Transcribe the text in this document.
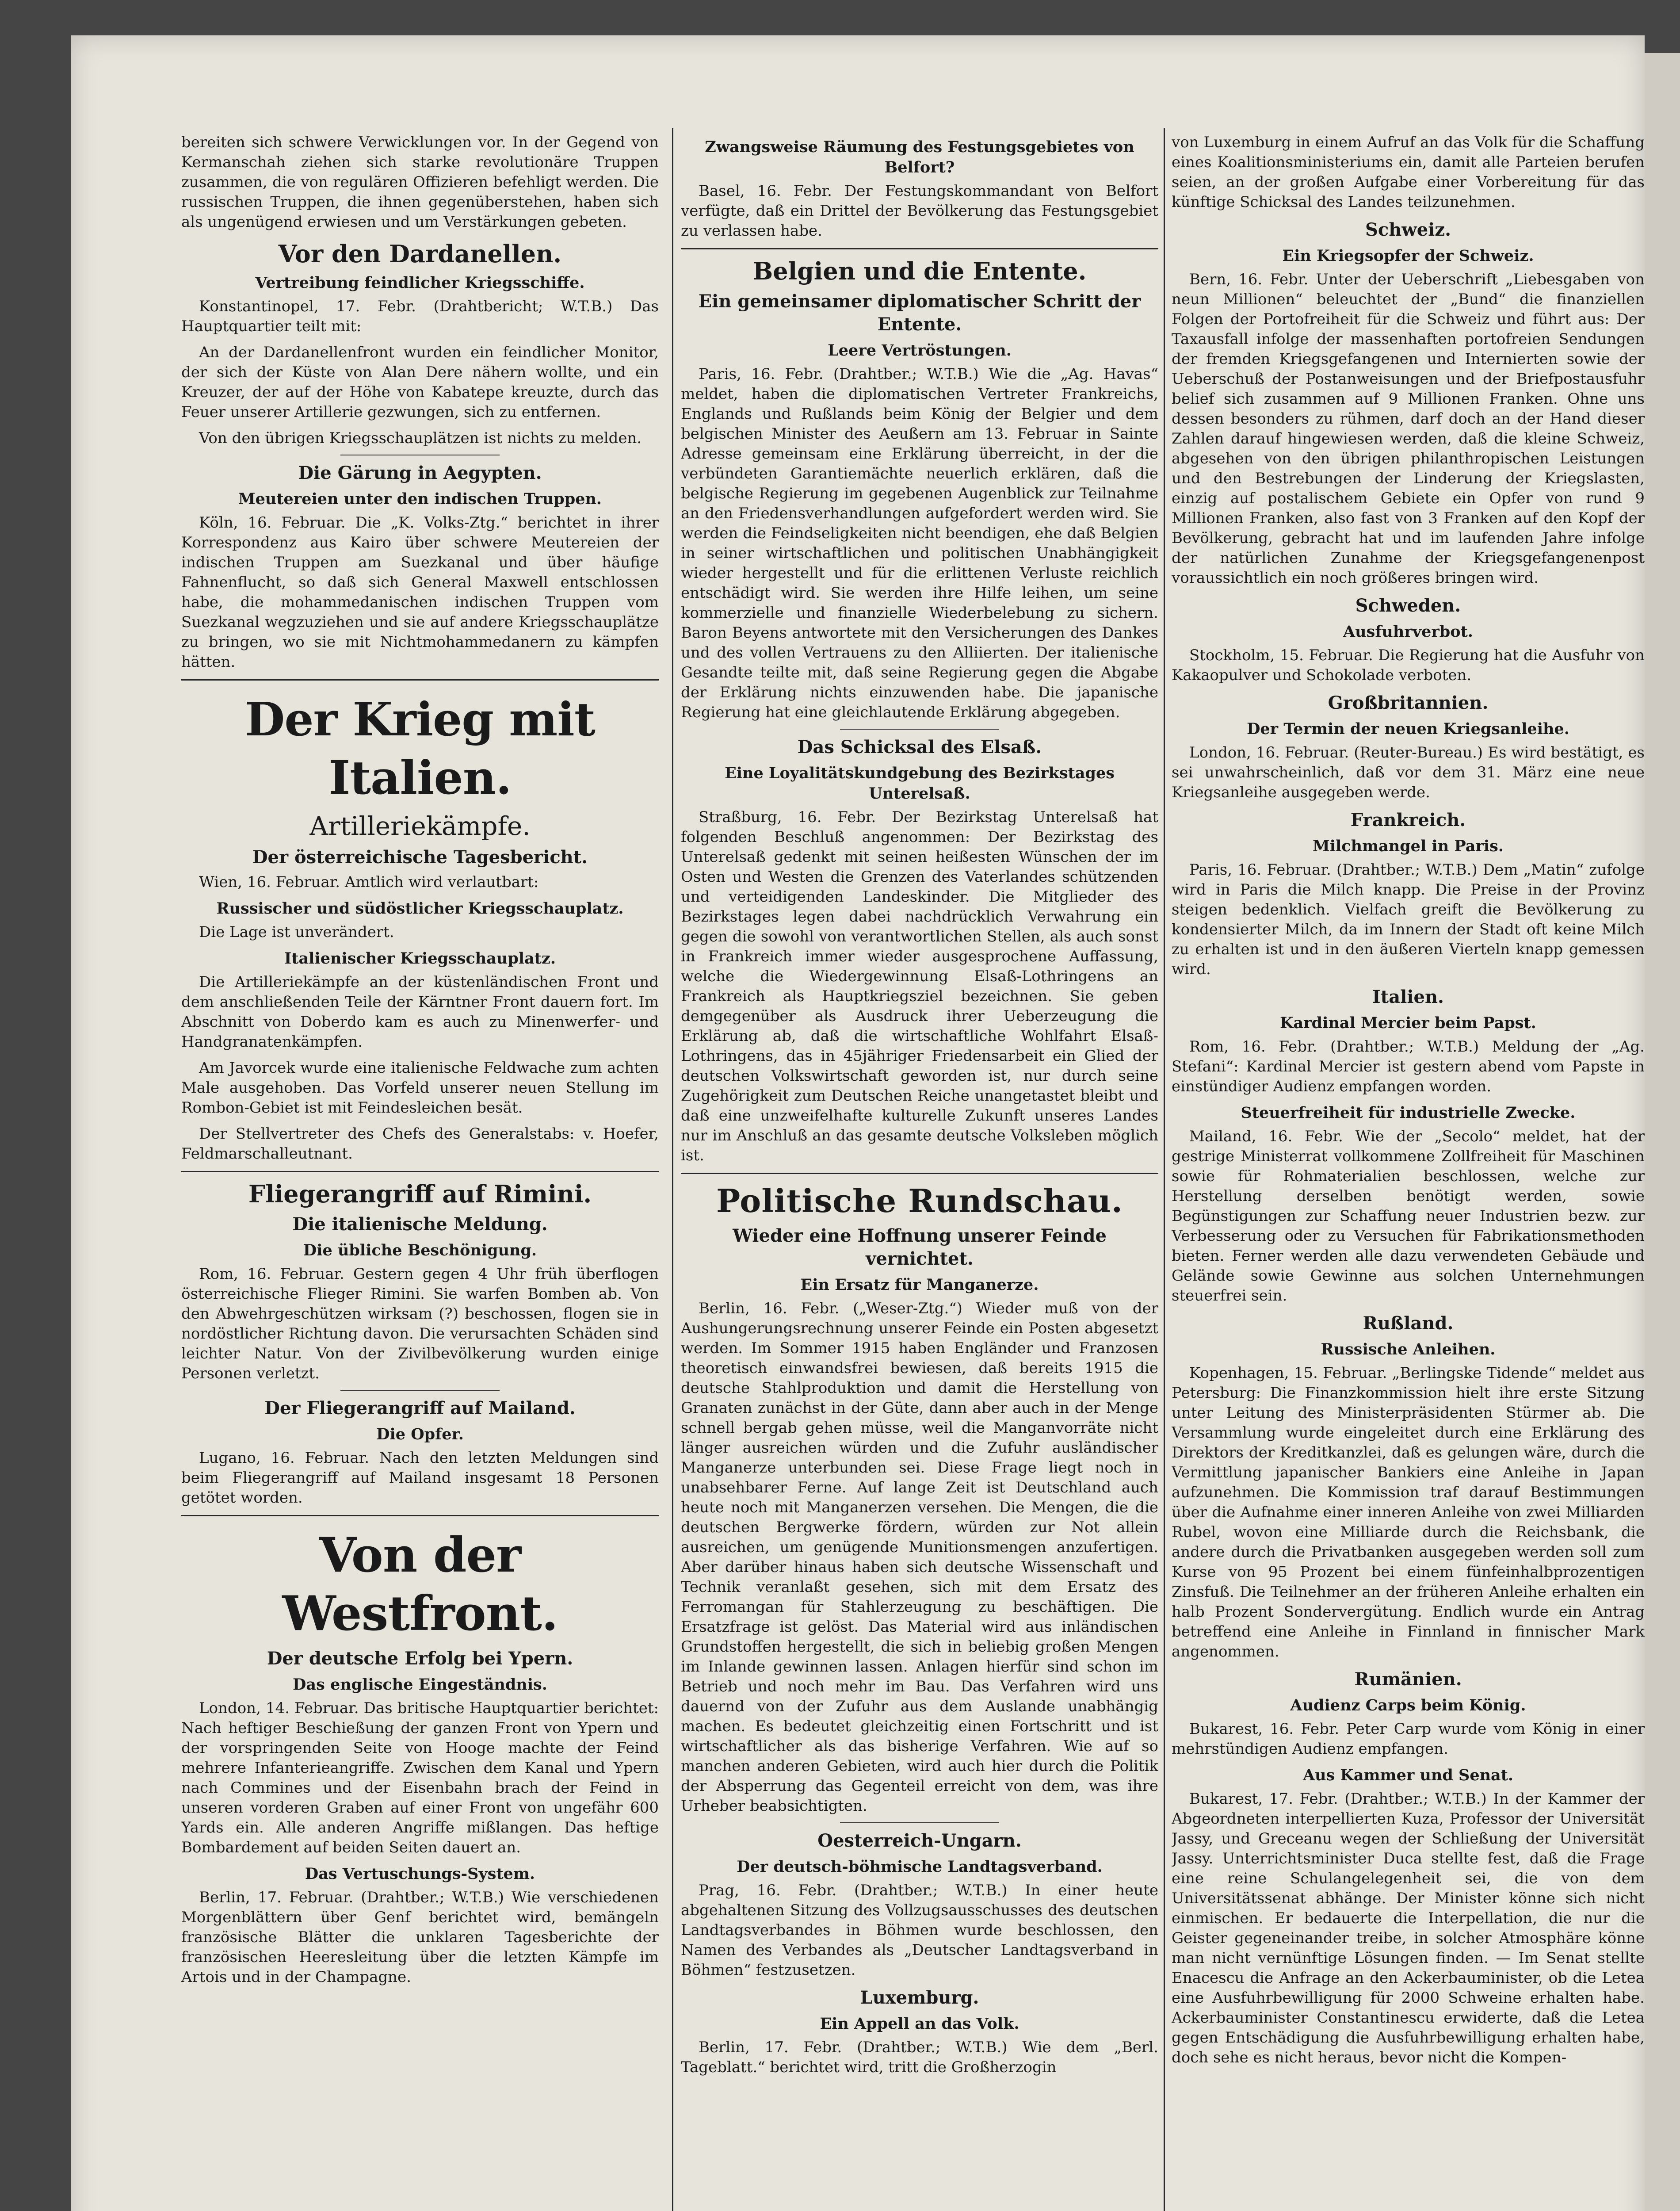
bereiten sich schwere Verwicklungen vor. In der Gegend von Kermanschah ziehen sich starke revolutionäre Truppen zusammen, die von regulären Offizieren befehligt werden. Die russischen Truppen, die ihnen gegenüberstehen, haben sich als ungenügend erwiesen und um Verstärkungen gebeten.

Vor den Dardanellen.
Vertreibung feindlicher Kriegsschiffe.

Konstantinopel, 17. Febr. (Drahtbericht; W.T.B.) Das Hauptquartier teilt mit:

An der Dardanellenfront wurden ein feindlicher Monitor, der sich der Küste von Alan Dere nähern wollte, und ein Kreuzer, der auf der Höhe von Kabatepe kreuzte, durch das Feuer unserer Artillerie gezwungen, sich zu entfernen.

Von den übrigen Kriegsschauplätzen ist nichts zu melden.

Die Gärung in Aegypten.
Meutereien unter den indischen Truppen.

Köln, 16. Februar. Die „K. Volks-Ztg.“ berichtet in ihrer Korrespondenz aus Kairo über schwere Meutereien der indischen Truppen am Suezkanal und über häufige Fahnenflucht, so daß sich General Maxwell entschlossen habe, die mohammedanischen indischen Truppen vom Suezkanal wegzuziehen und sie auf andere Kriegsschauplätze zu bringen, wo sie mit Nichtmohammedanern zu kämpfen hätten.

Der Krieg mit Italien.
Artilleriekämpfe.
Der österreichische Tagesbericht.

Wien, 16. Februar. Amtlich wird verlautbart:

Russischer und südöstlicher Kriegsschauplatz.

Die Lage ist unverändert.

Italienischer Kriegsschauplatz.

Die Artilleriekämpfe an der küstenländischen Front und dem anschließenden Teile der Kärntner Front dauern fort. Im Abschnitt von Doberdo kam es auch zu Minenwerfer- und Handgranatenkämpfen.

Am Javorcek wurde eine italienische Feldwache zum achten Male ausgehoben. Das Vorfeld unserer neuen Stellung im Rombon-Gebiet ist mit Feindesleichen besät.

Der Stellvertreter des Chefs des Generalstabs: v. Hoefer, Feldmarschalleutnant.

Fliegerangriff auf Rimini.
Die italienische Meldung.
Die übliche Beschönigung.

Rom, 16. Februar. Gestern gegen 4 Uhr früh überflogen österreichische Flieger Rimini. Sie warfen Bomben ab. Von den Abwehrgeschützen wirksam (?) beschossen, flogen sie in nordöstlicher Richtung davon. Die verursachten Schäden sind leichter Natur. Von der Zivilbevölkerung wurden einige Personen verletzt.

Der Fliegerangriff auf Mailand.
Die Opfer.

Lugano, 16. Februar. Nach den letzten Meldungen sind beim Fliegerangriff auf Mailand insgesamt 18 Personen getötet worden.

Von der Westfront.
Der deutsche Erfolg bei Ypern.
Das englische Eingeständnis.

London, 14. Februar. Das britische Hauptquartier berichtet: Nach heftiger Beschießung der ganzen Front von Ypern und der vorspringenden Seite von Hooge machte der Feind mehrere Infanterieangriffe. Zwischen dem Kanal und Ypern nach Commines und der Eisenbahn brach der Feind in unseren vorderen Graben auf einer Front von ungefähr 600 Yards ein. Alle anderen Angriffe mißlangen. Das heftige Bombardement auf beiden Seiten dauert an.

Das Vertuschungs-System.

Berlin, 17. Februar. (Drahtber.; W.T.B.) Wie verschiedenen Morgenblättern über Genf berichtet wird, bemängeln französische Blätter die unklaren Tagesberichte der französischen Heeresleitung über die letzten Kämpfe im Artois und in der Champagne.

Zwangsweise Räumung des Festungsgebietes von Belfort?

Basel, 16. Febr. Der Festungskommandant von Belfort verfügte, daß ein Drittel der Bevölkerung das Festungsgebiet zu verlassen habe.

Belgien und die Entente.
Ein gemeinsamer diplomatischer Schritt der Entente.
Leere Vertröstungen.

Paris, 16. Febr. (Drahtber.; W.T.B.) Wie die „Ag. Havas“ meldet, haben die diplomatischen Vertreter Frankreichs, Englands und Rußlands beim König der Belgier und dem belgischen Minister des Aeußern am 13. Februar in Sainte Adresse gemeinsam eine Erklärung überreicht, in der die verbündeten Garantiemächte neuerlich erklären, daß die belgische Regierung im gegebenen Augenblick zur Teilnahme an den Friedensverhandlungen aufgefordert werden wird. Sie werden die Feindseligkeiten nicht beendigen, ehe daß Belgien in seiner wirtschaftlichen und politischen Unabhängigkeit wieder hergestellt und für die erlittenen Verluste reichlich entschädigt wird. Sie werden ihre Hilfe leihen, um seine kommerzielle und finanzielle Wiederbelebung zu sichern. Baron Beyens antwortete mit den Versicherungen des Dankes und des vollen Vertrauens zu den Alliierten. Der italienische Gesandte teilte mit, daß seine Regierung gegen die Abgabe der Erklärung nichts einzuwenden habe. Die japanische Regierung hat eine gleichlautende Erklärung abgegeben.

Das Schicksal des Elsaß.
Eine Loyalitätskundgebung des Bezirkstages Unterelsaß.

Straßburg, 16. Febr. Der Bezirkstag Unterelsaß hat folgenden Beschluß angenommen: Der Bezirkstag des Unterelsaß gedenkt mit seinen heißesten Wünschen der im Osten und Westen die Grenzen des Vaterlandes schützenden und verteidigenden Landeskinder. Die Mitglieder des Bezirkstages legen dabei nachdrücklich Verwahrung ein gegen die sowohl von verantwortlichen Stellen, als auch sonst in Frankreich immer wieder ausgesprochene Auffassung, welche die Wiedergewinnung Elsaß-Lothringens an Frankreich als Hauptkriegsziel bezeichnen. Sie geben demgegenüber als Ausdruck ihrer Ueberzeugung die Erklärung ab, daß die wirtschaftliche Wohlfahrt Elsaß-Lothringens, das in 45jähriger Friedensarbeit ein Glied der deutschen Volkswirtschaft geworden ist, nur durch seine Zugehörigkeit zum Deutschen Reiche unangetastet bleibt und daß eine unzweifelhafte kulturelle Zukunft unseres Landes nur im Anschluß an das gesamte deutsche Volksleben möglich ist.

Politische Rundschau.
Wieder eine Hoffnung unserer Feinde vernichtet.
Ein Ersatz für Manganerze.

Berlin, 16. Febr. („Weser-Ztg.“) Wieder muß von der Aushungerungsrechnung unserer Feinde ein Posten abgesetzt werden. Im Sommer 1915 haben Engländer und Franzosen theoretisch einwandsfrei bewiesen, daß bereits 1915 die deutsche Stahlproduktion und damit die Herstellung von Granaten zunächst in der Güte, dann aber auch in der Menge schnell bergab gehen müsse, weil die Manganvorräte nicht länger ausreichen würden und die Zufuhr ausländischer Manganerze unterbunden sei. Diese Frage liegt noch in unabsehbarer Ferne. Auf lange Zeit ist Deutschland auch heute noch mit Manganerzen versehen. Die Mengen, die die deutschen Bergwerke fördern, würden zur Not allein ausreichen, um genügende Munitionsmengen anzufertigen. Aber darüber hinaus haben sich deutsche Wissenschaft und Technik veranlaßt gesehen, sich mit dem Ersatz des Ferromangan für Stahlerzeugung zu beschäftigen. Die Ersatzfrage ist gelöst. Das Material wird aus inländischen Grundstoffen hergestellt, die sich in beliebig großen Mengen im Inlande gewinnen lassen. Anlagen hierfür sind schon im Betrieb und noch mehr im Bau. Das Verfahren wird uns dauernd von der Zufuhr aus dem Auslande unabhängig machen. Es bedeutet gleichzeitig einen Fortschritt und ist wirtschaftlicher als das bisherige Verfahren. Wie auf so manchen anderen Gebieten, wird auch hier durch die Politik der Absperrung das Gegenteil erreicht von dem, was ihre Urheber beabsichtigten.

Oesterreich-Ungarn.
Der deutsch-böhmische Landtagsverband.

Prag, 16. Febr. (Drahtber.; W.T.B.) In einer heute abgehaltenen Sitzung des Vollzugsausschusses des deutschen Landtagsverbandes in Böhmen wurde beschlossen, den Namen des Verbandes als „Deutscher Landtagsverband in Böhmen“ festzusetzen.

Luxemburg.
Ein Appell an das Volk.

Berlin, 17. Febr. (Drahtber.; W.T.B.) Wie dem „Berl. Tageblatt.“ berichtet wird, tritt die Großherzogin

von Luxemburg in einem Aufruf an das Volk für die Schaffung eines Koalitionsministeriums ein, damit alle Parteien berufen seien, an der großen Aufgabe einer Vorbereitung für das künftige Schicksal des Landes teilzunehmen.

Schweiz.
Ein Kriegsopfer der Schweiz.

Bern, 16. Febr. Unter der Ueberschrift „Liebesgaben von neun Millionen“ beleuchtet der „Bund“ die finanziellen Folgen der Portofreiheit für die Schweiz und führt aus: Der Taxausfall infolge der massenhaften portofreien Sendungen der fremden Kriegsgefangenen und Internierten sowie der Ueberschuß der Postanweisungen und der Briefpostausfuhr belief sich zusammen auf 9 Millionen Franken. Ohne uns dessen besonders zu rühmen, darf doch an der Hand dieser Zahlen darauf hingewiesen werden, daß die kleine Schweiz, abgesehen von den übrigen philanthropischen Leistungen und den Bestrebungen der Linderung der Kriegslasten, einzig auf postalischem Gebiete ein Opfer von rund 9 Millionen Franken, also fast von 3 Franken auf den Kopf der Bevölkerung, gebracht hat und im laufenden Jahre infolge der natürlichen Zunahme der Kriegsgefangenenpost voraussichtlich ein noch größeres bringen wird.

Schweden.
Ausfuhrverbot.

Stockholm, 15. Februar. Die Regierung hat die Ausfuhr von Kakaopulver und Schokolade verboten.

Großbritannien.
Der Termin der neuen Kriegsanleihe.

London, 16. Februar. (Reuter-Bureau.) Es wird bestätigt, es sei unwahrscheinlich, daß vor dem 31. März eine neue Kriegsanleihe ausgegeben werde.

Frankreich.
Milchmangel in Paris.

Paris, 16. Februar. (Drahtber.; W.T.B.) Dem „Matin“ zufolge wird in Paris die Milch knapp. Die Preise in der Provinz steigen bedenklich. Vielfach greift die Bevölkerung zu kondensierter Milch, da im Innern der Stadt oft keine Milch zu erhalten ist und in den äußeren Vierteln knapp gemessen wird.

Italien.
Kardinal Mercier beim Papst.

Rom, 16. Febr. (Drahtber.; W.T.B.) Meldung der „Ag. Stefani“: Kardinal Mercier ist gestern abend vom Papste in einstündiger Audienz empfangen worden.

Steuerfreiheit für industrielle Zwecke.

Mailand, 16. Febr. Wie der „Secolo“ meldet, hat der gestrige Ministerrat vollkommene Zollfreiheit für Maschinen sowie für Rohmaterialien beschlossen, welche zur Herstellung derselben benötigt werden, sowie Begünstigungen zur Schaffung neuer Industrien bezw. zur Verbesserung oder zu Versuchen für Fabrikationsmethoden bieten. Ferner werden alle dazu verwendeten Gebäude und Gelände sowie Gewinne aus solchen Unternehmungen steuerfrei sein.

Rußland.
Russische Anleihen.

Kopenhagen, 15. Februar. „Berlingske Tidende“ meldet aus Petersburg: Die Finanzkommission hielt ihre erste Sitzung unter Leitung des Ministerpräsidenten Stürmer ab. Die Versammlung wurde eingeleitet durch eine Erklärung des Direktors der Kreditkanzlei, daß es gelungen wäre, durch die Vermittlung japanischer Bankiers eine Anleihe in Japan aufzunehmen. Die Kommission traf darauf Bestimmungen über die Aufnahme einer inneren Anleihe von zwei Milliarden Rubel, wovon eine Milliarde durch die Reichsbank, die andere durch die Privatbanken ausgegeben werden soll zum Kurse von 95 Prozent bei einem fünfeinhalbprozentigen Zinsfuß. Die Teilnehmer an der früheren Anleihe erhalten ein halb Prozent Sondervergütung. Endlich wurde ein Antrag betreffend eine Anleihe in Finnland in finnischer Mark angenommen.

Rumänien.
Audienz Carps beim König.

Bukarest, 16. Febr. Peter Carp wurde vom König in einer mehrstündigen Audienz empfangen.

Aus Kammer und Senat.

Bukarest, 17. Febr. (Drahtber.; W.T.B.) In der Kammer der Abgeordneten interpellierten Kuza, Professor der Universität Jassy, und Greceanu wegen der Schließung der Universität Jassy. Unterrichtsminister Duca stellte fest, daß die Frage eine reine Schulangelegenheit sei, die von dem Universitätssenat abhänge. Der Minister könne sich nicht einmischen. Er bedauerte die Interpellation, die nur die Geister gegeneinander treibe, in solcher Atmosphäre könne man nicht vernünftige Lösungen finden. — Im Senat stellte Enacescu die Anfrage an den Ackerbauminister, ob die Letea eine Ausfuhrbewilligung für 2000 Schweine erhalten habe. Ackerbauminister Constantinescu erwiderte, daß die Letea gegen Entschädigung die Ausfuhrbewilligung erhalten habe, doch sehe es nicht heraus, bevor nicht die Kompen-
